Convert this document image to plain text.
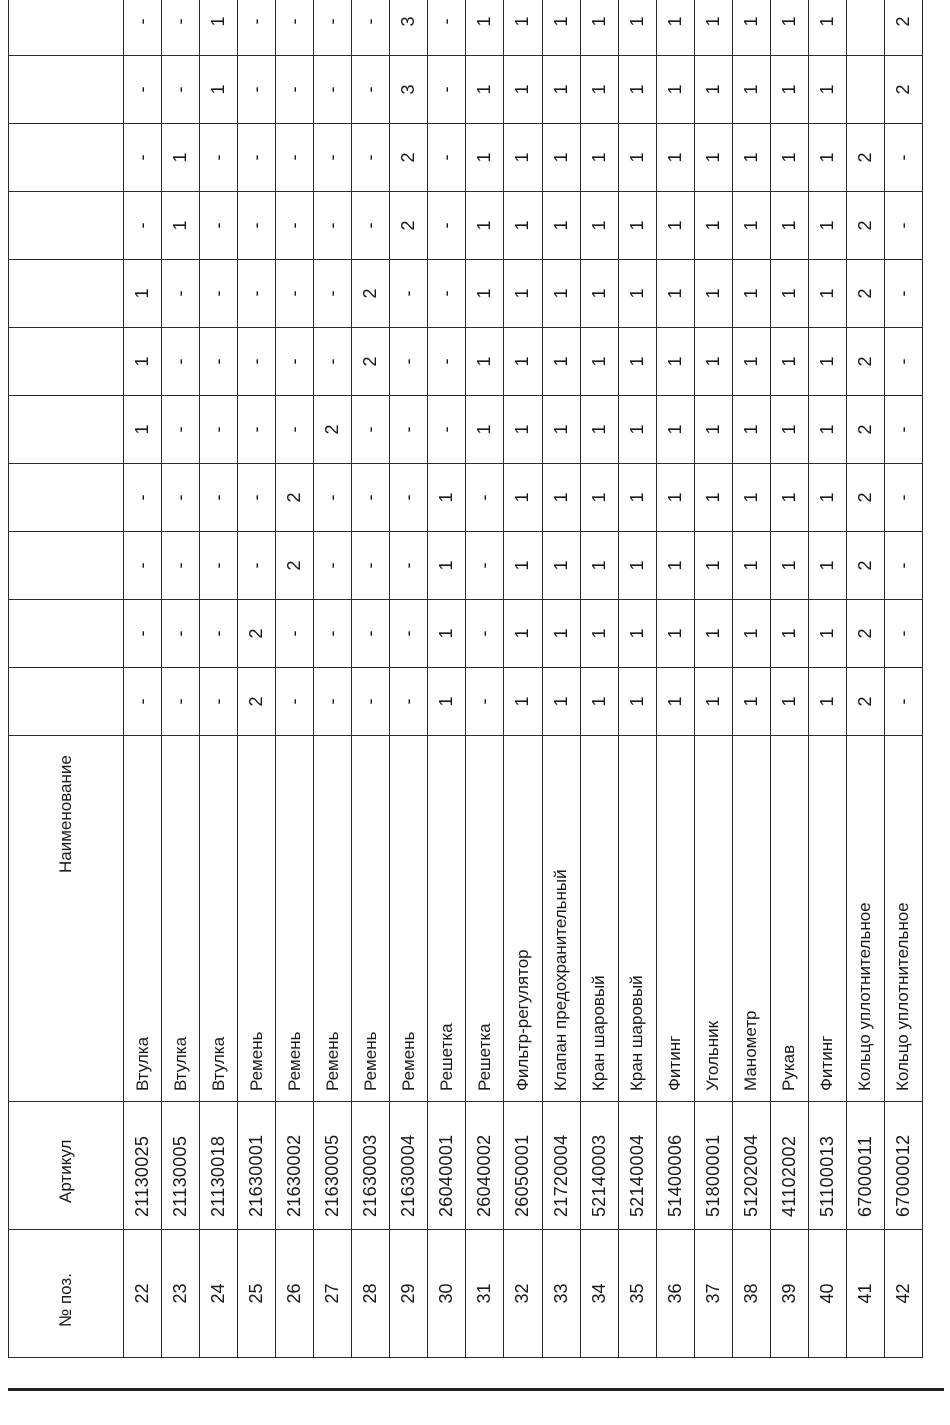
№ поз.	Артикул	Наименование											
22	21130025	Втулка	-	-	-	-	1	1	1	-	-	-	-
23	21130005	Втулка	-	-	-	-	-	-	-	1	1	-	-
24	21130018	Втулка	-	-	-	-	-	-	-	-	-	1	1
25	21630001	Ремень	2	2	-	-	-	-	-	-	-	-	-
26	21630002	Ремень	-	-	2	2	-	-	-	-	-	-	-
27	21630005	Ремень	-	-	-	-	2	-	-	-	-	-	-
28	21630003	Ремень	-	-	-	-	-	2	2	-	-	-	-
29	21630004	Ремень	-	-	-	-	-	-	-	2	2	3	3
30	26040001	Решетка	1	1	1	1	-	-	-	-	-	-	-
31	26040002	Решетка	-	-	-	-	1	1	1	1	1	1	1
32	26050001	Фильтр-регулятор	1	1	1	1	1	1	1	1	1	1	1
33	21720004	Клапан предохранительный	1	1	1	1	1	1	1	1	1	1	1
34	52140003	Кран шаровый	1	1	1	1	1	1	1	1	1	1	1
35	52140004	Кран шаровый	1	1	1	1	1	1	1	1	1	1	1
36	51400006	Фитинг	1	1	1	1	1	1	1	1	1	1	1
37	51800001	Угольник	1	1	1	1	1	1	1	1	1	1	1
38	51202004	Манометр	1	1	1	1	1	1	1	1	1	1	1
39	41102002	Рукав	1	1	1	1	1	1	1	1	1	1	1
40	51100013	Фитинг	1	1	1	1	1	1	1	1	1	1	1
41	67000011	Кольцо уплотнительное	2	2	2	2	2	2	2	2	2		
42	67000012	Кольцо уплотнительное	-	-	-	-	-	-	-	-	-	2	2
